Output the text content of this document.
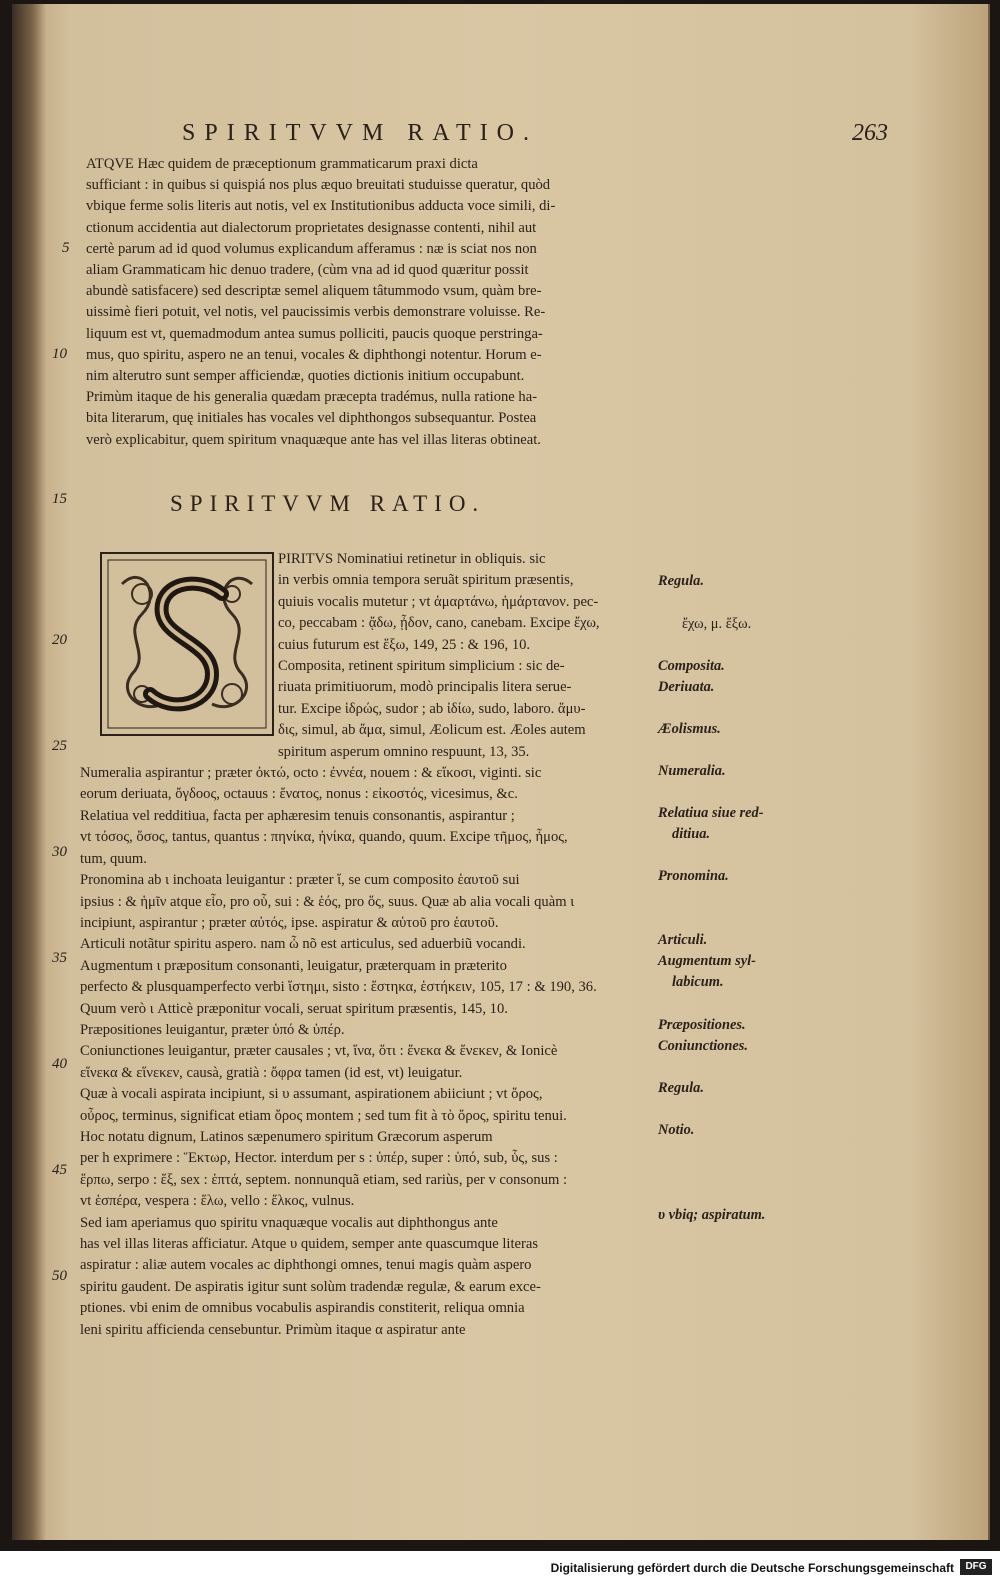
SPIRITVVM RATIO.	263
ATQVE Hæc quidem de præceptionum grammaticarum praxi dicta
sufficiant : in quibus si quispiá nos plus æquo breuitati studuisse queratur, quòd
vbique ferme solis literis aut notis, vel ex Institutionibus adducta voce simili, di-
ctionum accidentia aut dialectorum proprietates designasse contenti, nihil aut
certè parum ad id quod volumus explicandum afferamus : næ is sciat nos non
aliam Grammaticam hic denuo tradere, (cùm vna ad id quod quæritur possit
abundè satisfacere) sed descriptæ semel aliquem tâtummodo vsum, quàm bre-
uissimè fieri potuit, vel notis, vel paucissimis verbis demonstrare voluisse. Re-
liquum est vt, quemadmodum antea sumus polliciti, paucis quoque perstringa-
mus, quo spiritu, aspero ne an tenui, vocales & diphthongi notentur. Horum e-
nim alterutro sunt semper afficiendæ, quoties dictionis initium occupabunt.
Primùm itaque de his generalia quædam præcepta tradémus, nulla ratione ha-
bita literarum, quę initiales has vocales vel diphthongos subsequantur. Postea
verò explicabitur, quem spiritum vnaquæque ante has vel illas literas obtineat.
5
10
15
20
25
30
35
40
45
50
SPIRITVVM RATIO.
PIRITVS Nominatiui retinetur in obliquis. sic
in verbis omnia tempora seruãt spiritum præsentis,
quiuis vocalis mutetur ; vt ἁμαρτάνω, ἡμάρτανον. pec-
co, peccabam : ᾄδω, ᾖδον, cano, canebam. Excipe ἔχω,
cuius futurum est ἕξω, 149, 25 : & 196, 10.
Composita, retinent spiritum simplicium : sic de-
riuata primitiuorum, modò principalis litera serue-
tur. Excipe ἱδρώς, sudor ; ab ἰδίω, sudo, laboro. ἅμυ-
δις, simul, ab ἅμα, simul, Æolicum est. Æoles autem
spiritum asperum omnino respuunt, 13, 35.
Numeralia aspirantur ; præter ὀκτώ, octo : ἐννέα, nouem : & εἴκοσι, viginti. sic
eorum deriuata, ὄγδοος, octauus : ἔνατος, nonus : εἰκοστός, vicesimus, &c.
Relatiua vel redditiua, facta per aphæresim tenuis consonantis, aspirantur ;
vt τόσος, ὅσος, tantus, quantus : πηνίκα, ἡνίκα, quando, quum. Excipe τῆμος, ἦμος,
tum, quum.
Pronomina ab ι inchoata leuigantur : præter ἵ, se cum composito ἑαυτοῦ sui
ipsius : & ἡμῖν atque εἷο, pro οὗ, sui : & ἑός, pro ὅς, suus. Quæ ab alia vocali quàm ι
incipiunt, aspirantur ; præter αὐτός, ipse. aspiratur & αὑτοῦ pro ἑαυτοῦ.
Articuli notãtur spiritu aspero. nam ὦ nõ est articulus, sed aduerbiũ vocandi.
Augmentum ι præpositum consonanti, leuigatur, præterquam in præterito
perfecto & plusquamperfecto verbi ἵστημι, sisto : ἕστηκα, ἑστήκειν, 105, 17 : & 190, 36.
Quum verò ι Atticè præponitur vocali, seruat spiritum præsentis, 145, 10.
Præpositiones leuigantur, præter ὑπό & ὑπέρ.
Coniunctiones leuigantur, præter causales ; vt, ἵνα, ὅτι : ἕνεκα & ἕνεκεν, & Ionicè
εἵνεκα & εἵνεκεν, causà, gratià : ὄφρα tamen (id est, vt) leuigatur.
Quæ à vocali aspirata incipiunt, si υ assumant, aspirationem abiiciunt ; vt ὅρος,
οὖρος, terminus, significat etiam ὄρος montem ; sed tum fit à τὸ ὄρος, spiritu tenui.
Hoc notatu dignum, Latinos sæpenumero spiritum Græcorum asperum
per h exprimere : Ἕκτωρ, Hector. interdum per s : ὑπέρ, super : ὑπό, sub, ὗς, sus :
ἕρπω, serpo : ἕξ, sex : ἑπτά, septem. nonnunquã etiam, sed rariùs, per v consonum :
vt ἑσπέρα, vespera : ἕλω, vello : ἕλκος, vulnus.
Sed iam aperiamus quo spiritu vnaquæque vocalis aut diphthongus ante
has vel illas literas afficiatur. Atque υ quidem, semper ante quascumque literas
aspiratur : aliæ autem vocales ac diphthongi omnes, tenui magis quàm aspero
spiritu gaudent. De aspiratis igitur sunt solùm tradendæ regulæ, & earum exce-
ptiones. vbi enim de omnibus vocabulis aspirandis constiterit, reliqua omnia
leni spiritu afficienda censebuntur. Primùm itaque α aspiratur ante
Regula.
ἔχω, μ. ἕξω.
Composita.
Deriuata.
Æolismus.
Numeralia.
Relatiua siue red-
ditiua.
Pronomina.
Articuli.
Augmentum syl-
labicum.
Præpositiones.
Coniunctiones.
Regula.
Notio.
υ vbiq; aspiratum.
Digitalisierung gefördert durch die Deutsche Forschungsgemeinschaft	DFG
